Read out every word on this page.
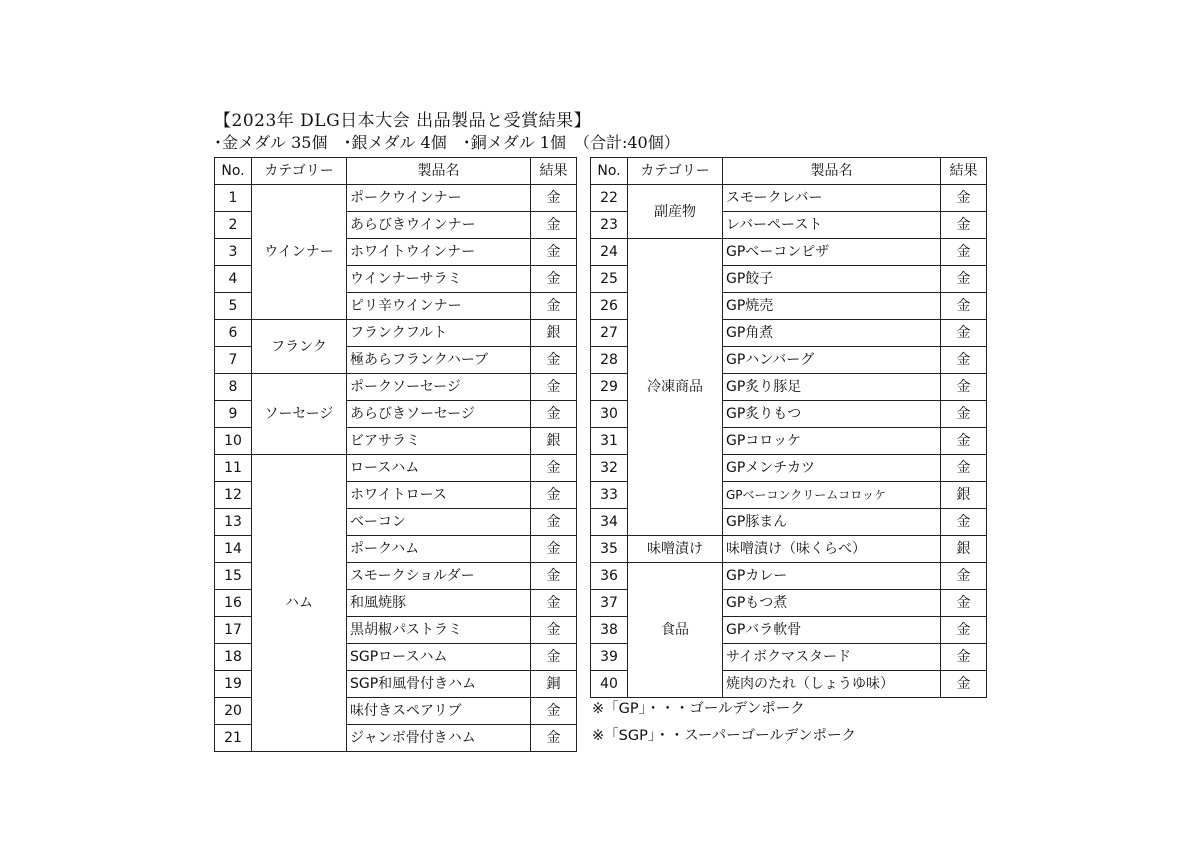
【2023年 DLG日本大会 出品製品と受賞結果】
･金メダル 35個　･銀メダル 4個　･銅メダル 1個　（合計:40個）
No.	カテゴリー	製品名	結果
1	ウインナー	ポークウインナー	金
2		あらびきウインナー	金
3		ホワイトウインナー	金
4		ウインナーサラミ	金
5		ピリ辛ウインナー	金
6	フランク	フランクフルト	銀
7		極あらフランクハーブ	金
8	ソーセージ	ポークソーセージ	金
9		あらびきソーセージ	金
10		ビアサラミ	銀
11	ハム	ロースハム	金
12		ホワイトロース	金
13		ベーコン	金
14		ポークハム	金
15		スモークショルダー	金
16		和風焼豚	金
17		黒胡椒パストラミ	金
18		SGPロースハム	金
19		SGP和風骨付きハム	銅
20		味付きスペアリブ	金
21		ジャンボ骨付きハム	金
No.	カテゴリー	製品名	結果
22	副産物	スモークレバー	金
23		レバーペースト	金
24	冷凍商品	GPベーコンピザ	金
25		GP餃子	金
26		GP焼売	金
27		GP角煮	金
28		GPハンバーグ	金
29		GP炙り豚足	金
30		GP炙りもつ	金
31		GPコロッケ	金
32		GPメンチカツ	金
33		GPベーコンクリームコロッケ	銀
34		GP豚まん	金
35	味噌漬け	味噌漬け（味くらべ）	銀
36	食品	GPカレー	金
37		GPもつ煮	金
38		GPバラ軟骨	金
39		サイボクマスタード	金
40		焼肉のたれ（しょうゆ味）	金
※「GP」・・・ゴールデンポーク
※「SGP」・・スーパーゴールデンポーク
